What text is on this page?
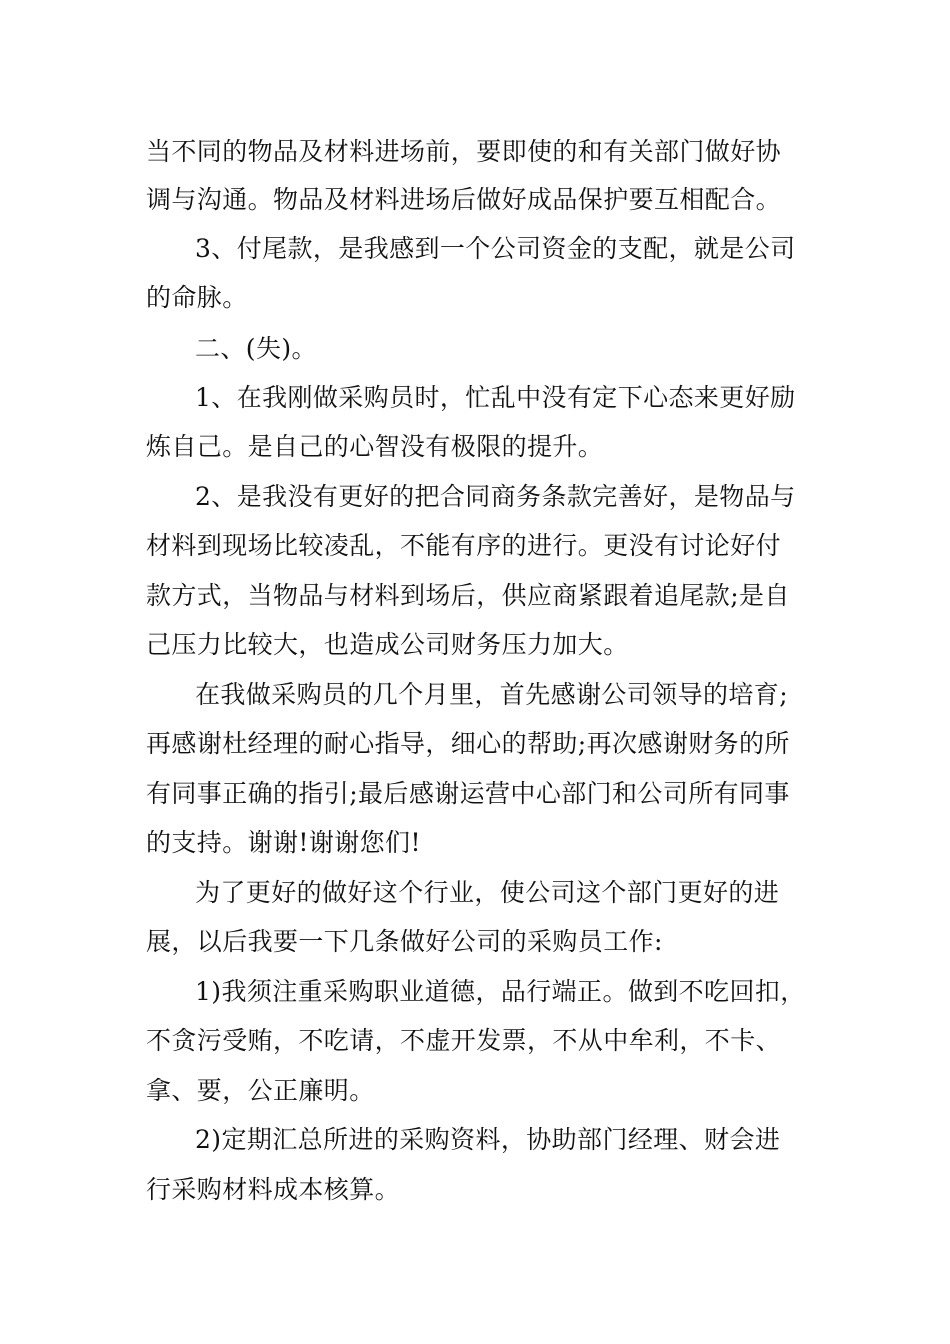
当不同的物品及材料进场前，要即使的和有关部门做好协
调与沟通。物品及材料进场后做好成品保护要互相配合。
3、付尾款，是我感到一个公司资金的支配，就是公司
的命脉。
二、(失)。
1、在我刚做采购员时，忙乱中没有定下心态来更好励
炼自己。是自己的心智没有极限的提升。
2、是我没有更好的把合同商务条款完善好，是物品与
材料到现场比较凌乱，不能有序的进行。更没有讨论好付
款方式，当物品与材料到场后，供应商紧跟着追尾款;是自
己压力比较大，也造成公司财务压力加大。
在我做采购员的几个月里，首先感谢公司领导的培育;
再感谢杜经理的耐心指导，细心的帮助;再次感谢财务的所
有同事正确的指引;最后感谢运营中心部门和公司所有同事
的支持。谢谢!谢谢您们!
为了更好的做好这个行业，使公司这个部门更好的进
展，以后我要一下几条做好公司的采购员工作:
1)我须注重采购职业道德，品行端正。做到不吃回扣，
不贪污受贿，不吃请，不虚开发票，不从中牟利，不卡、
拿、要，公正廉明。
2)定期汇总所进的采购资料，协助部门经理、财会进
行采购材料成本核算。
